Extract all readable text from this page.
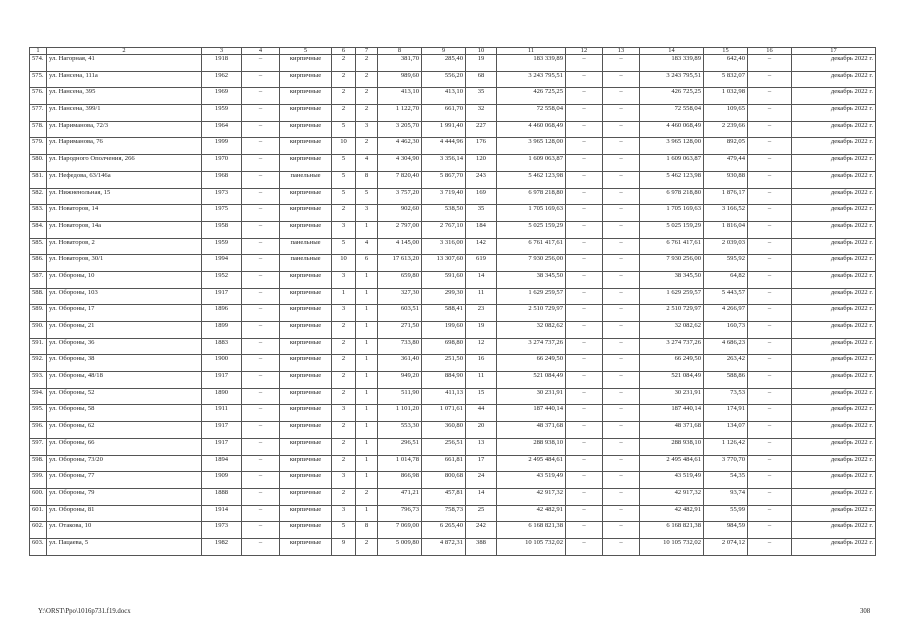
1	2	3	4	5	6	7	8	9	10	11	12	13	14	15	16	17
574.	ул. Нагорная, 41	1918	–	кирпичные	2	2	381,70	285,40	19	183 339,89	–	–	183 339,89	642,40	–	декабрь 2022 г.
575.	ул. Нансена, 111а	1962	–	кирпичные	2	2	989,60	556,20	68	3 243 795,51	–	–	3 243 795,51	5 832,07	–	декабрь 2022 г.
576.	ул. Нансена, 395	1969	–	кирпичные	2	2	413,10	413,10	35	426 725,25	–	–	426 725,25	1 032,98	–	декабрь 2022 г.
577.	ул. Нансена, 399/1	1959	–	кирпичные	2	2	1 122,70	661,70	32	72 558,04	–	–	72 558,04	109,65	–	декабрь 2022 г.
578.	ул. Наримановa, 72/3	1964	–	кирпичные	5	3	3 205,70	1 991,40	227	4 460 068,49	–	–	4 460 068,49	2 239,66	–	декабрь 2022 г.
579.	ул. Нариманова, 76	1999	–	кирпичные	10	2	4 462,30	4 444,96	176	3 965 128,00	–	–	3 965 128,00	892,05	–	декабрь 2022 г.
580.	ул. Народного Ополчения, 266	1970	–	кирпичные	5	4	4 304,90	3 356,14	120	1 609 063,87	–	–	1 609 063,87	479,44	–	декабрь 2022 г.
581.	ул. Нефедова, 63/146а	1968	–	панельные	5	8	7 820,40	5 867,70	243	5 462 123,98	–	–	5 462 123,98	930,88	–	декабрь 2022 г.
582.	ул. Нижненольная, 15	1973	–	кирпичные	5	5	3 757,20	3 719,40	169	6 978 218,80	–	–	6 978 218,80	1 876,17	–	декабрь 2022 г.
583.	ул. Новаторов, 14	1975	–	кирпичные	2	3	902,60	538,50	35	1 705 169,63	–	–	1 705 169,63	3 166,52	–	декабрь 2022 г.
584.	ул. Новаторов, 14а	1958	–	кирпичные	3	1	2 797,00	2 767,10	184	5 025 159,29	–	–	5 025 159,29	1 816,04	–	декабрь 2022 г.
585.	ул. Новаторов, 2	1959	–	панельные	5	4	4 145,00	3 316,00	142	6 761 417,61	–	–	6 761 417,61	2 039,03	–	декабрь 2022 г.
586.	ул. Новаторов, 30/1	1994	–	панельные	10	6	17 613,20	13 307,60	619	7 930 256,00	–	–	7 930 256,00	595,92	–	декабрь 2022 г.
587.	ул. Обороны, 10	1952	–	кирпичные	3	1	659,80	591,60	14	38 345,50	–	–	38 345,50	64,82	–	декабрь 2022 г.
588.	ул. Обороны, 103	1917	–	кирпичные	1	1	327,30	299,30	11	1 629 259,57	–	–	1 629 259,57	5 443,57	–	декабрь 2022 г.
589.	ул. Обороны, 17	1896	–	кирпичные	3	1	603,51	588,41	23	2 510 729,97	–	–	2 510 729,97	4 266,97	–	декабрь 2022 г.
590.	ул. Обороны, 21	1899	–	кирпичные	2	1	271,50	199,60	19	32 082,62	–	–	32 082,62	160,73	–	декабрь 2022 г.
591.	ул. Обороны, 36	1883	–	кирпичные	2	1	733,80	698,80	12	3 274 737,26	–	–	3 274 737,26	4 686,23	–	декабрь 2022 г.
592.	ул. Обороны, 38	1900	–	кирпичные	2	1	361,40	251,50	16	66 249,50	–	–	66 249,50	263,42	–	декабрь 2022 г.
593.	ул. Обороны, 48/18	1917	–	кирпичные	2	1	949,20	884,90	11	521 084,49	–	–	521 084,49	588,86	–	декабрь 2022 г.
594.	ул. Обороны, 52	1890	–	кирпичные	2	1	511,90	411,13	15	30 231,91	–	–	30 231,91	73,53	–	декабрь 2022 г.
595.	ул. Обороны, 58	1911	–	кирпичные	3	1	1 101,20	1 071,61	44	187 440,14	–	–	187 440,14	174,91	–	декабрь 2022 г.
596.	ул. Обороны, 62	1917	–	кирпичные	2	1	553,30	360,80	20	48 371,68	–	–	48 371,68	134,07	–	декабрь 2022 г.
597.	ул. Обороны, 66	1917	–	кирпичные	2	1	296,51	256,51	13	288 938,10	–	–	288 938,10	1 126,42	–	декабрь 2022 г.
598.	ул. Обороны, 73/20	1894	–	кирпичные	2	1	1 014,78	661,81	17	2 495 484,61	–	–	2 495 484,61	3 770,70	–	декабрь 2022 г.
599.	ул. Обороны, 77	1909	–	кирпичные	3	1	866,98	800,68	24	43 519,49	–	–	43 519,49	54,35	–	декабрь 2022 г.
600.	ул. Обороны, 79	1888	–	кирпичные	2	2	471,21	457,81	14	42 917,32	–	–	42 917,32	93,74	–	декабрь 2022 г.
601.	ул. Обороны, 81	1914	–	кирпичные	3	1	796,73	758,73	25	42 482,91	–	–	42 482,91	55,99	–	декабрь 2022 г.
602.	ул. Отакова, 10	1973	–	кирпичные	5	8	7 069,00	6 265,40	242	6 168 821,38	–	–	6 168 821,38	984,59	–	декабрь 2022 г.
603.	ул. Пацаева, 5	1982	–	кирпичные	9	2	5 009,80	4 872,31	388	10 105 732,02	–	–	10 105 732,02	2 074,12	–	декабрь 2022 г.
Y:\ORST\Ppo\1016p731.f19.docx	308
